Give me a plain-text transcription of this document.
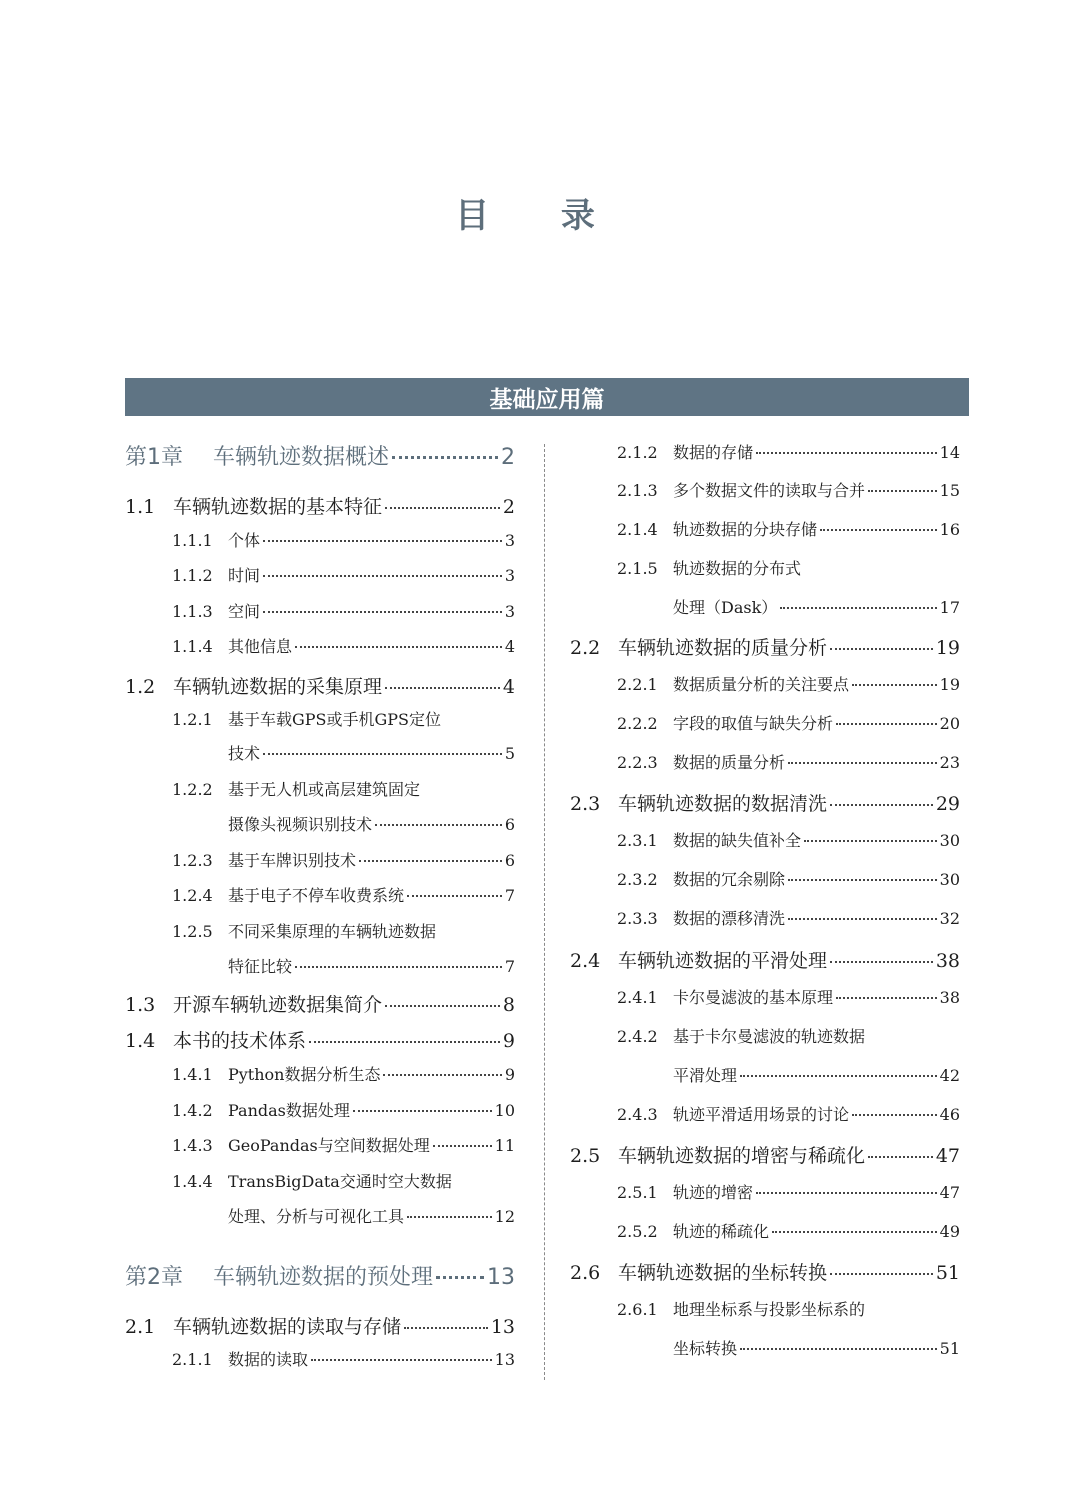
目 录
基础应用篇
第1章	车辆轨迹数据概述	2
1.1 车辆轨迹数据的基本特征	2
1.1.1 个体	3
1.1.2 时间	3
1.1.3 空间	3
1.1.4 其他信息	4
1.2 车辆轨迹数据的采集原理	4
1.2.1 基于车载GPS或手机GPS定位
技术	5
1.2.2 基于无人机或高层建筑固定
摄像头视频识别技术	6
1.2.3 基于车牌识别技术	6
1.2.4 基于电子不停车收费系统	7
1.2.5 不同采集原理的车辆轨迹数据
特征比较	7
1.3 开源车辆轨迹数据集简介	8
1.4 本书的技术体系	9
1.4.1 Python数据分析生态	9
1.4.2 Pandas数据处理	10
1.4.3 GeoPandas与空间数据处理	11
1.4.4 TransBigData交通时空大数据
处理、分析与可视化工具	12
第2章	车辆轨迹数据的预处理 13
2.1 车辆轨迹数据的读取与存储	13
2.1.1 数据的读取	13
2.1.2 数据的存储	14
2.1.3 多个数据文件的读取与合并	15
2.1.4 轨迹数据的分块存储	16
2.1.5 轨迹数据的分布式
处理（Dask）	17
2.2 车辆轨迹数据的质量分析	19
2.2.1 数据质量分析的关注要点	19
2.2.2 字段的取值与缺失分析	20
2.2.3 数据的质量分析	23
2.3 车辆轨迹数据的数据清洗	29
2.3.1 数据的缺失值补全	30
2.3.2 数据的冗余剔除	30
2.3.3 数据的漂移清洗	32
2.4 车辆轨迹数据的平滑处理	38
2.4.1 卡尔曼滤波的基本原理	38
2.4.2 基于卡尔曼滤波的轨迹数据
平滑处理	42
2.4.3 轨迹平滑适用场景的讨论	46
2.5 车辆轨迹数据的增密与稀疏化	47
2.5.1 轨迹的增密	47
2.5.2 轨迹的稀疏化	49
2.6 车辆轨迹数据的坐标转换	51
2.6.1 地理坐标系与投影坐标系的
坐标转换	51
